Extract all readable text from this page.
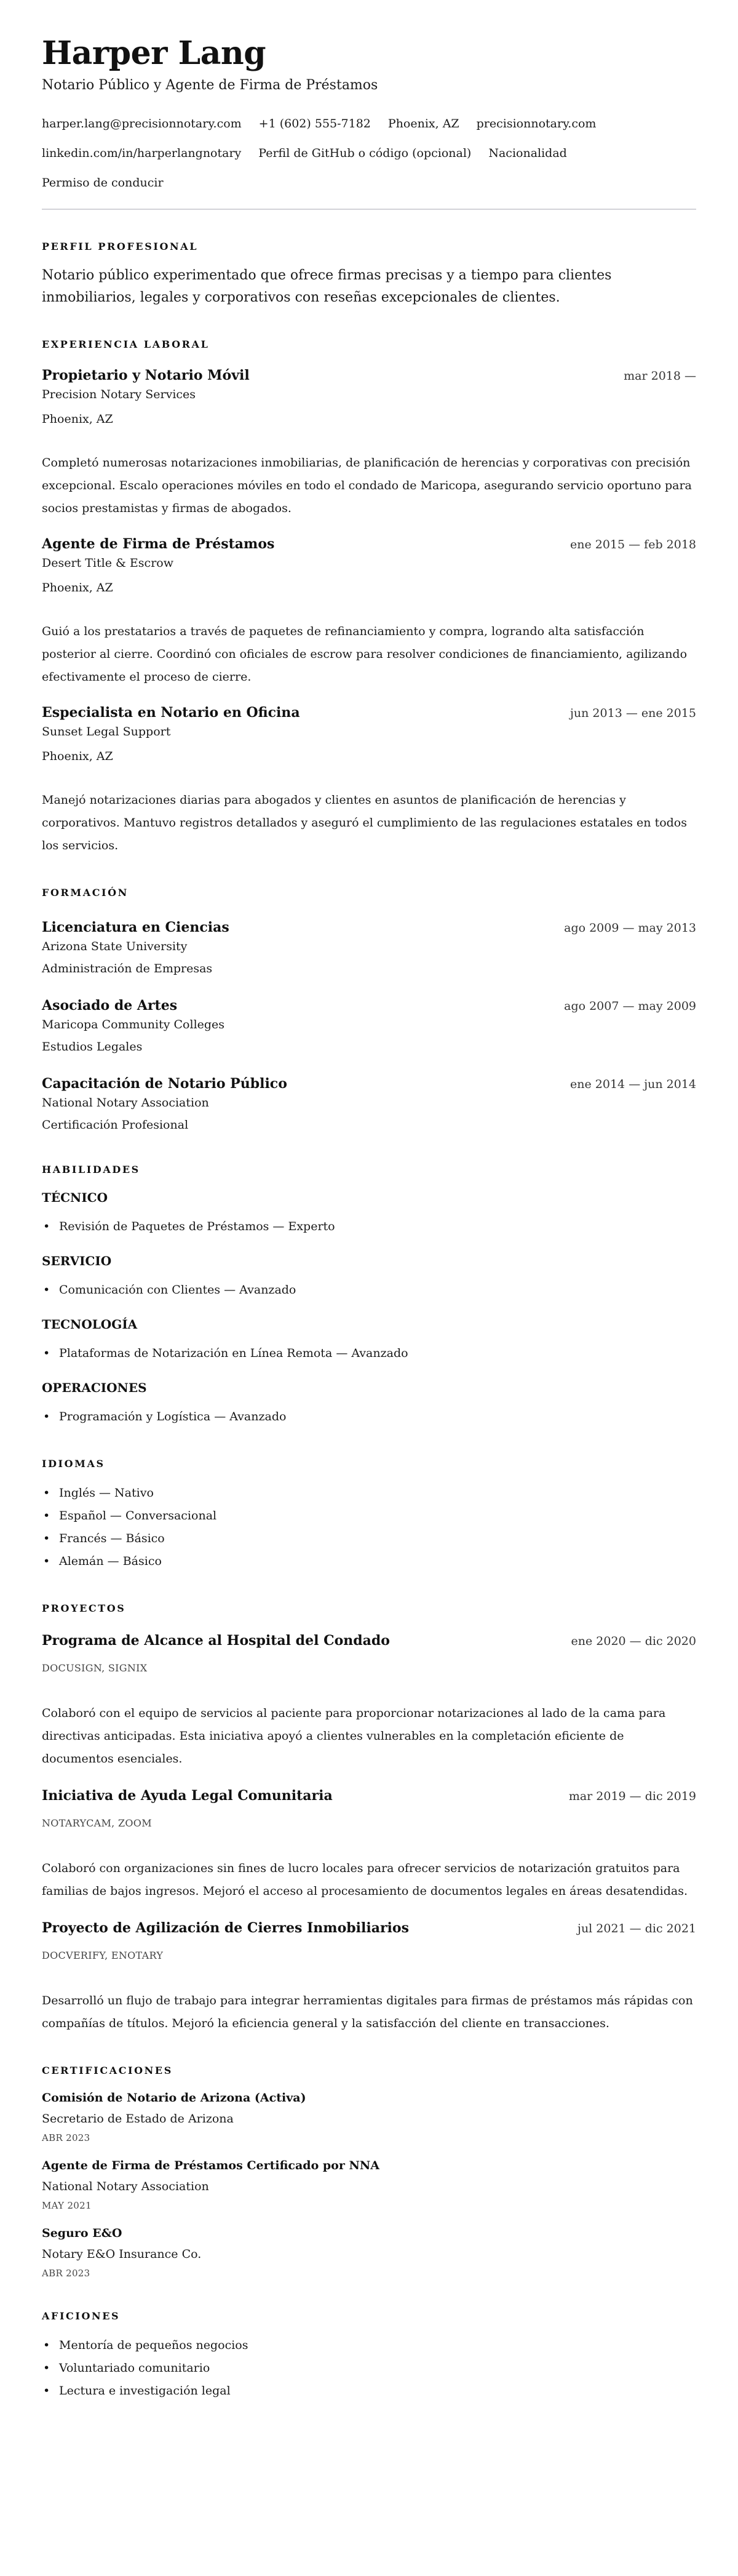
Harper Lang
Notario Público y Agente de Firma de Préstamos
harper.lang@precisionnotary.com +1 (602) 555-7182 Phoenix, AZ precisionnotary.com
linkedin.com/in/harperlangnotary Perfil de GitHub o código (opcional) Nacionalidad
Permiso de conducir
PERFIL PROFESIONAL

Notario público experimentado que ofrece firmas precisas y a tiempo para clientes inmobiliarios, legales y corporativos con reseñas excepcionales de clientes.

EXPERIENCIA LABORAL
Propietario y Notario Móvil	mar 2018 —
Precision Notary Services
Phoenix, AZ

Completó numerosas notarizaciones inmobiliarias, de planificación de herencias y corporativas con precisión excepcional. Escalo operaciones móviles en todo el condado de Maricopa, asegurando servicio oportuno para socios prestamistas y firmas de abogados.

Agente de Firma de Préstamos	ene 2015 — feb 2018
Desert Title & Escrow
Phoenix, AZ

Guió a los prestatarios a través de paquetes de refinanciamiento y compra, logrando alta satisfacción posterior al cierre. Coordinó con oficiales de escrow para resolver condiciones de financiamiento, agilizando efectivamente el proceso de cierre.

Especialista en Notario en Oficina	jun 2013 — ene 2015
Sunset Legal Support
Phoenix, AZ

Manejó notarizaciones diarias para abogados y clientes en asuntos de planificación de herencias y corporativos. Mantuvo registros detallados y aseguró el cumplimiento de las regulaciones estatales en todos los servicios.

FORMACIÓN
Licenciatura en Ciencias	ago 2009 — may 2013
Arizona State University
Administración de Empresas
Asociado de Artes	ago 2007 — may 2009
Maricopa Community Colleges
Estudios Legales
Capacitación de Notario Público	ene 2014 — jun 2014
National Notary Association
Certificación Profesional
HABILIDADES
TÉCNICO
• Revisión de Paquetes de Préstamos — Experto
SERVICIO
• Comunicación con Clientes — Avanzado
TECNOLOGÍA
• Plataformas de Notarización en Línea Remota — Avanzado
OPERACIONES
• Programación y Logística — Avanzado
IDIOMAS
• Inglés — Nativo
• Español — Conversacional
• Francés — Básico
• Alemán — Básico
PROYECTOS
Programa de Alcance al Hospital del Condado	ene 2020 — dic 2020
DOCUSIGN, SIGNIX

Colaboró con el equipo de servicios al paciente para proporcionar notarizaciones al lado de la cama para directivas anticipadas. Esta iniciativa apoyó a clientes vulnerables en la completación eficiente de documentos esenciales.

Iniciativa de Ayuda Legal Comunitaria	mar 2019 — dic 2019
NOTARYCAM, ZOOM

Colaboró con organizaciones sin fines de lucro locales para ofrecer servicios de notarización gratuitos para familias de bajos ingresos. Mejoró el acceso al procesamiento de documentos legales en áreas desatendidas.

Proyecto de Agilización de Cierres Inmobiliarios	jul 2021 — dic 2021
DOCVERIFY, ENOTARY

Desarrolló un flujo de trabajo para integrar herramientas digitales para firmas de préstamos más rápidas con compañías de títulos. Mejoró la eficiencia general y la satisfacción del cliente en transacciones.

CERTIFICACIONES
Comisión de Notario de Arizona (Activa)
Secretario de Estado de Arizona
ABR 2023
Agente de Firma de Préstamos Certificado por NNA
National Notary Association
MAY 2021
Seguro E&O
Notary E&O Insurance Co.
ABR 2023
AFICIONES
• Mentoría de pequeños negocios
• Voluntariado comunitario
• Lectura e investigación legal
